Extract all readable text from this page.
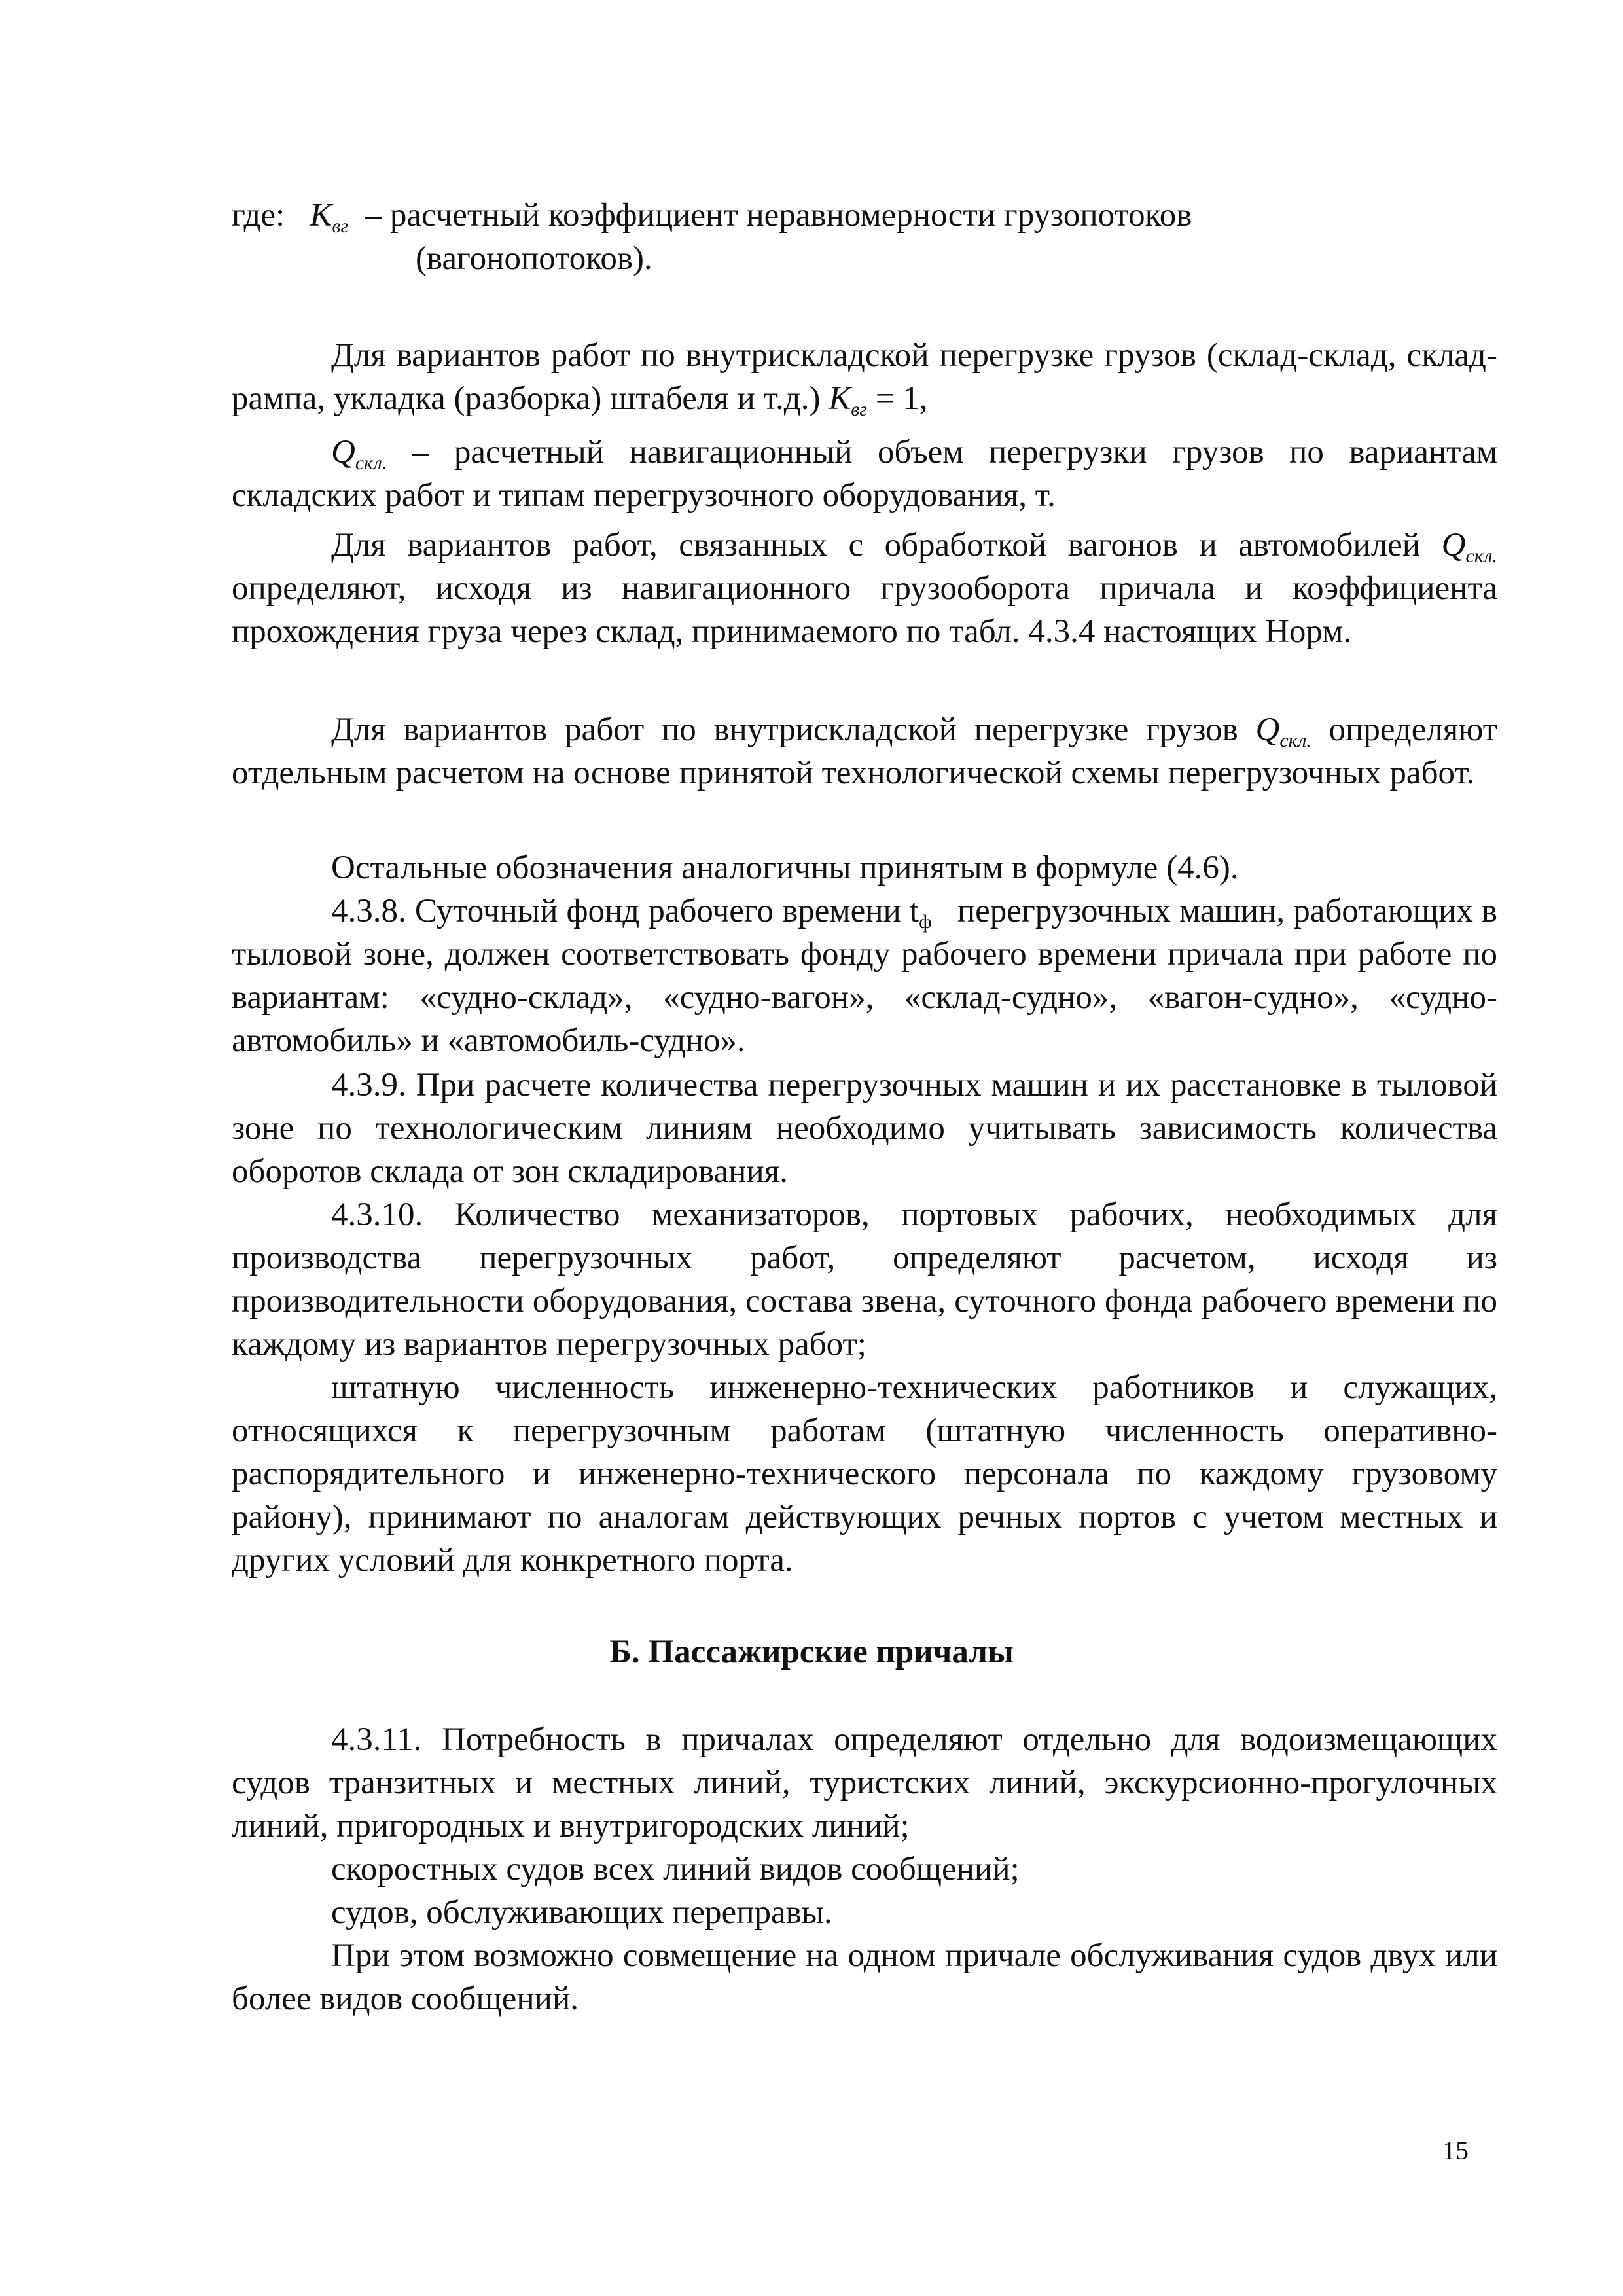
где: $K_{вг}$ – расчетный коэффициент неравномерности грузопотоков

(вагонопотоков).

Для вариантов работ по внутрискладской перегрузке грузов (склад-склад, склад-рампа, укладка (разборка) штабеля и т.д.) $K_{вг} = 1$,

$Q_{скл.}$ – расчетный навигационный объем перегрузки грузов по вариантам складских работ и типам перегрузочного оборудования, т.

Для вариантов работ, связанных с обработкой вагонов и автомобилей $Q_{скл.}$ определяют, исходя из навигационного грузооборота причала и коэффициента прохождения груза через склад, принимаемого по табл. 4.3.4 настоящих Норм.

Для вариантов работ по внутрискладской перегрузке грузов $Q_{скл.}$ определяют отдельным расчетом на основе принятой технологической схемы перегрузочных работ.

Остальные обозначения аналогичны принятым в формуле (4.6).

4.3.8. Суточный фонд рабочего времени $t_ф$ перегрузочных машин, работающих в тыловой зоне, должен соответствовать фонду рабочего времени причала при работе по вариантам: «судно-склад», «судно-вагон», «склад-судно», «вагон-судно», «судно-автомобиль» и «автомобиль-судно».

4.3.9. При расчете количества перегрузочных машин и их расстановке в тыловой зоне по технологическим линиям необходимо учитывать зависимость количества оборотов склада от зон складирования.

4.3.10. Количество механизаторов, портовых рабочих, необходимых для производства перегрузочных работ, определяют расчетом, исходя из производительности оборудования, состава звена, суточного фонда рабочего времени по каждому из вариантов перегрузочных работ;

штатную численность инженерно-технических работников и служащих, относящихся к перегрузочным работам (штатную численность оперативно-распорядительного и инженерно-технического персонала по каждому грузовому району), принимают по аналогам действующих речных портов с учетом местных и других условий для конкретного порта.

Б. Пассажирские причалы

4.3.11. Потребность в причалах определяют отдельно для водоизмещающих судов транзитных и местных линий, туристских линий, экскурсионно-прогулочных линий, пригородных и внутригородских линий;

скоростных судов всех линий видов сообщений;

судов, обслуживающих переправы.

При этом возможно совмещение на одном причале обслуживания судов двух или более видов сообщений.

15
